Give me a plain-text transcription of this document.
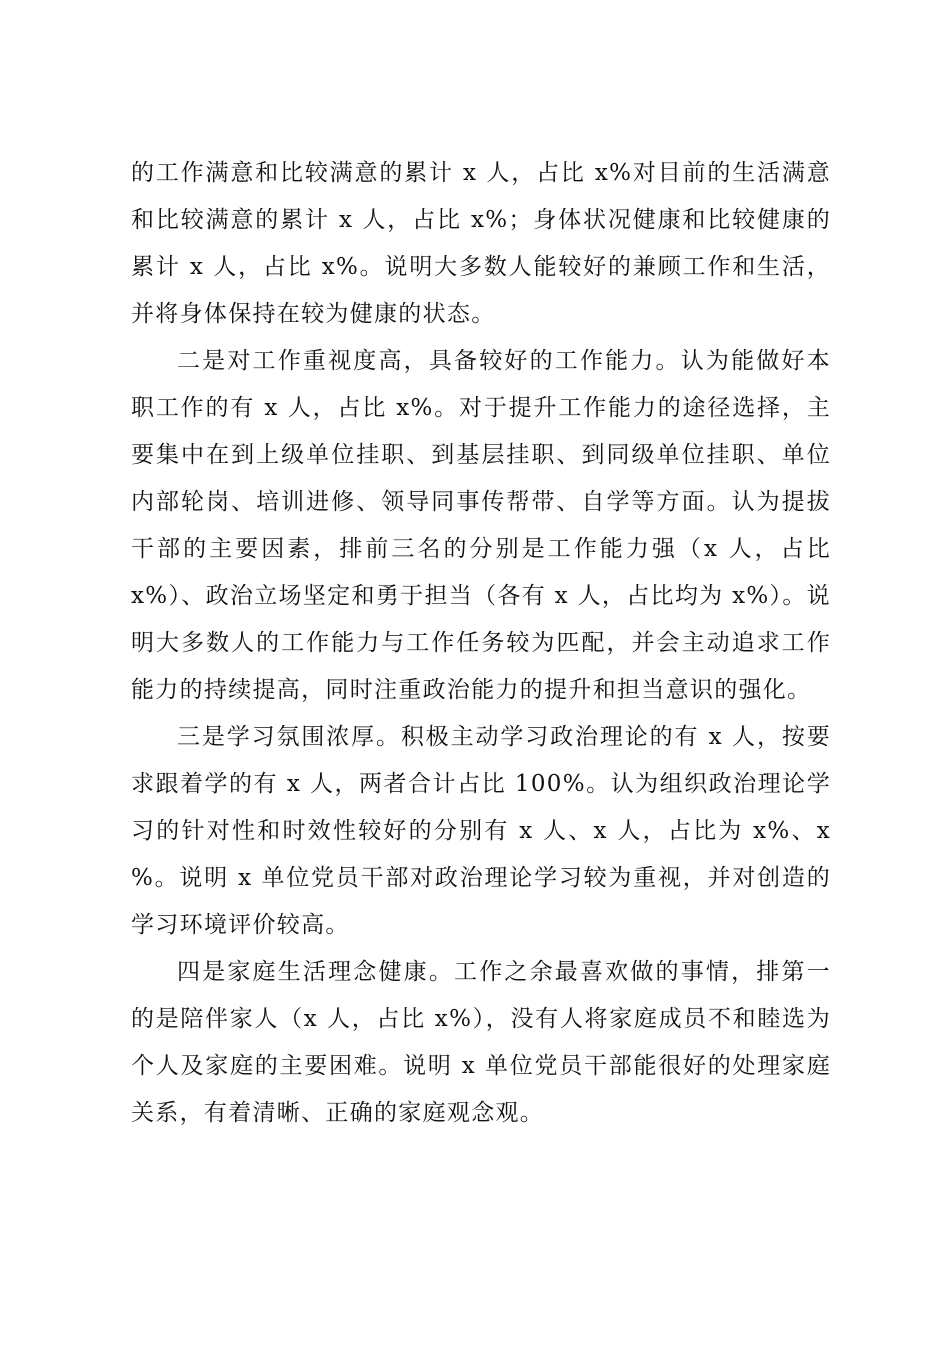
的工作满意和比较满意的累计 x 人，占比 x%对目前的生活满意和比较满意的累计 x 人，占比 x%；身体状况健康和比较健康的累计 x 人，占比 x%。说明大多数人能较好的兼顾工作和生活，并将身体保持在较为健康的状态。

二是对工作重视度高，具备较好的工作能力。认为能做好本职工作的有 x 人，占比 x%。对于提升工作能力的途径选择，主要集中在到上级单位挂职、到基层挂职、到同级单位挂职、单位内部轮岗、培训进修、领导同事传帮带、自学等方面。认为提拔干部的主要因素，排前三名的分别是工作能力强（x 人，占比 x%）、政治立场坚定和勇于担当（各有 x 人，占比均为 x%）。说明大多数人的工作能力与工作任务较为匹配，并会主动追求工作能力的持续提高，同时注重政治能力的提升和担当意识的强化。

三是学习氛围浓厚。积极主动学习政治理论的有 x 人，按要求跟着学的有 x 人，两者合计占比 100%。认为组织政治理论学习的针对性和时效性较好的分别有 x 人、x 人，占比为 x%、x %。说明 x 单位党员干部对政治理论学习较为重视，并对创造的学习环境评价较高。

四是家庭生活理念健康。工作之余最喜欢做的事情，排第一的是陪伴家人（x 人，占比 x%），没有人将家庭成员不和睦选为个人及家庭的主要困难。说明 x 单位党员干部能很好的处理家庭关系，有着清晰、正确的家庭观念观。
